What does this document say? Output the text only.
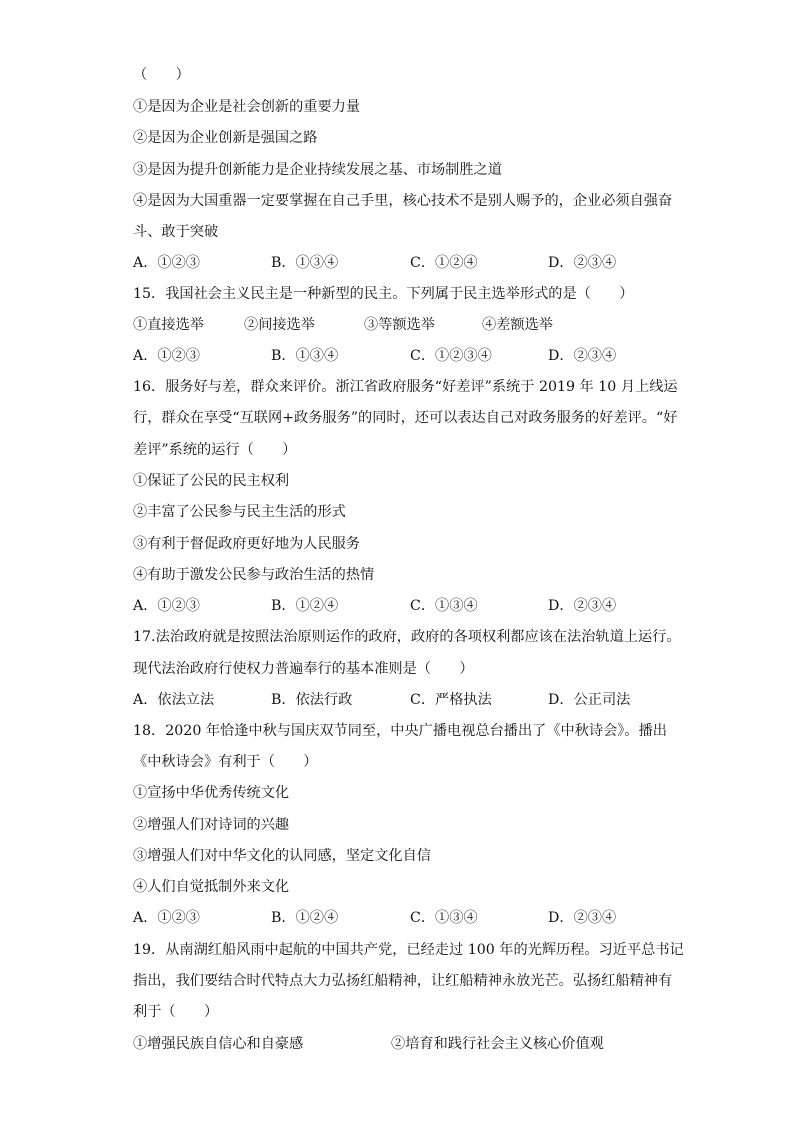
（　　）
①是因为企业是社会创新的重要力量
②是因为企业创新是强国之路
③是因为提升创新能力是企业持续发展之基、市场制胜之道
④是因为大国重器一定要掌握在自己手里，核心技术不是别人赐予的，企业必须自强奋
斗、敢于突破
A．①②③	B．①③④	C．①②④	D．②③④
15．我国社会主义民主是一种新型的民主。下列属于民主选举形式的是（　　）
①直接选举	②间接选举	③等额选举	④差额选举
A．①②③	B．①③④	C．①②③④	D．②③④
16．服务好与差，群众来评价。浙江省政府服务“好差评”系统于 2019 年 10 月上线运
行，群众在享受“互联网+政务服务”的同时，还可以表达自己对政务服务的好差评。“好
差评”系统的运行（　　）
①保证了公民的民主权利
②丰富了公民参与民主生活的形式
③有利于督促政府更好地为人民服务
④有助于激发公民参与政治生活的热情
A．①②③	B．①②④	C．①③④	D．②③④
17.法治政府就是按照法治原则运作的政府，政府的各项权利都应该在法治轨道上运行。
现代法治政府行使权力普遍奉行的基本准则是（　　）
A．依法立法	B．依法行政	C．严格执法	D．公正司法
18．2020 年恰逢中秋与国庆双节同至，中央广播电视总台播出了《中秋诗会》。播出
《中秋诗会》有利于（　　）
①宣扬中华优秀传统文化
②增强人们对诗词的兴趣
③增强人们对中华文化的认同感，坚定文化自信
④人们自觉抵制外来文化
A．①②③	B．①②④	C．①③④	D．②③④
19．从南湖红船风雨中起航的中国共产党，已经走过 100 年的光辉历程。习近平总书记
指出，我们要结合时代特点大力弘扬红船精神，让红船精神永放光芒。弘扬红船精神有
利于（　　）
①增强民族自信心和自豪感	②培育和践行社会主义核心价值观
